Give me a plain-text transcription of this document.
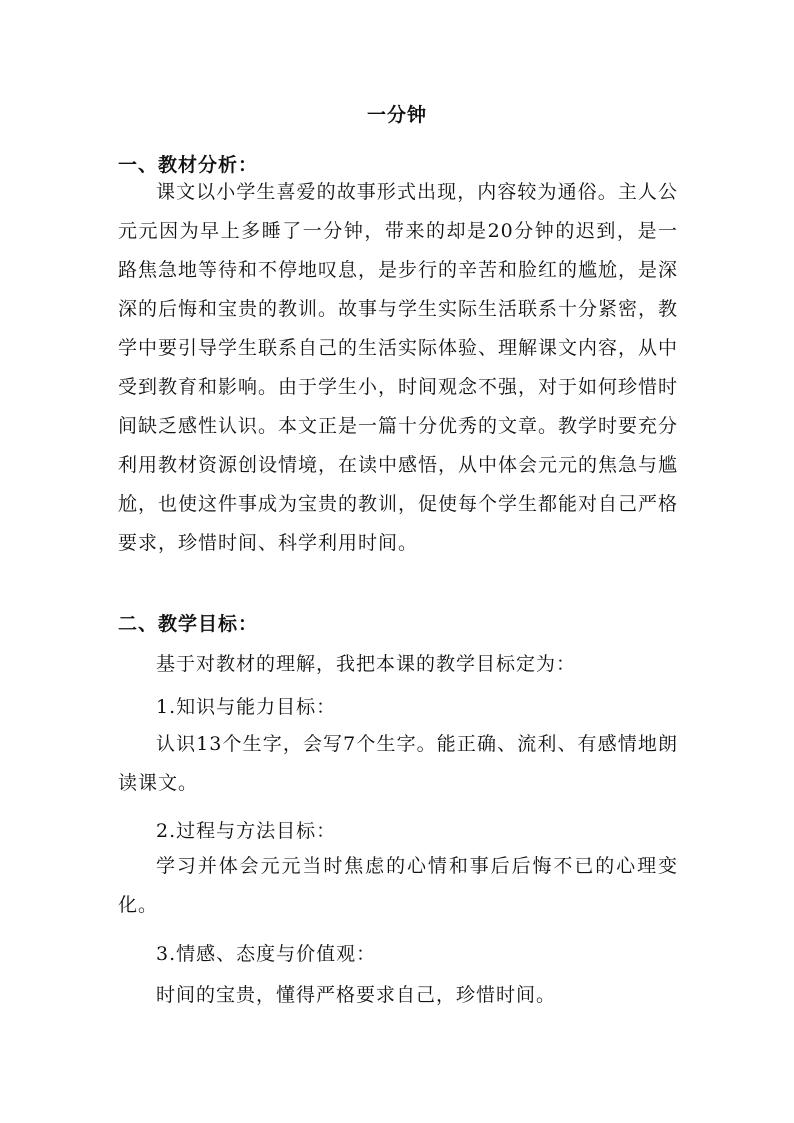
一分钟
一、教材分析：

课文以小学生喜爱的故事形式出现，内容较为通俗。主人公元元因为早上多睡了一分钟，带来的却是20分钟的迟到，是一路焦急地等待和不停地叹息，是步行的辛苦和脸红的尴尬，是深深的后悔和宝贵的教训。故事与学生实际生活联系十分紧密，教学中要引导学生联系自己的生活实际体验、理解课文内容，从中受到教育和影响。由于学生小，时间观念不强，对于如何珍惜时间缺乏感性认识。本文正是一篇十分优秀的文章。教学时要充分利用教材资源创设情境，在读中感悟，从中体会元元的焦急与尴尬，也使这件事成为宝贵的教训，促使每个学生都能对自己严格要求，珍惜时间、科学利用时间。

二、教学目标：
基于对教材的理解，我把本课的教学目标定为：
1.知识与能力目标：

认识13个生字，会写7个生字。能正确、流利、有感情地朗读课文。

2.过程与方法目标：

学习并体会元元当时焦虑的心情和事后后悔不已的心理变化。

3.情感、态度与价值观：
时间的宝贵，懂得严格要求自己，珍惜时间。
